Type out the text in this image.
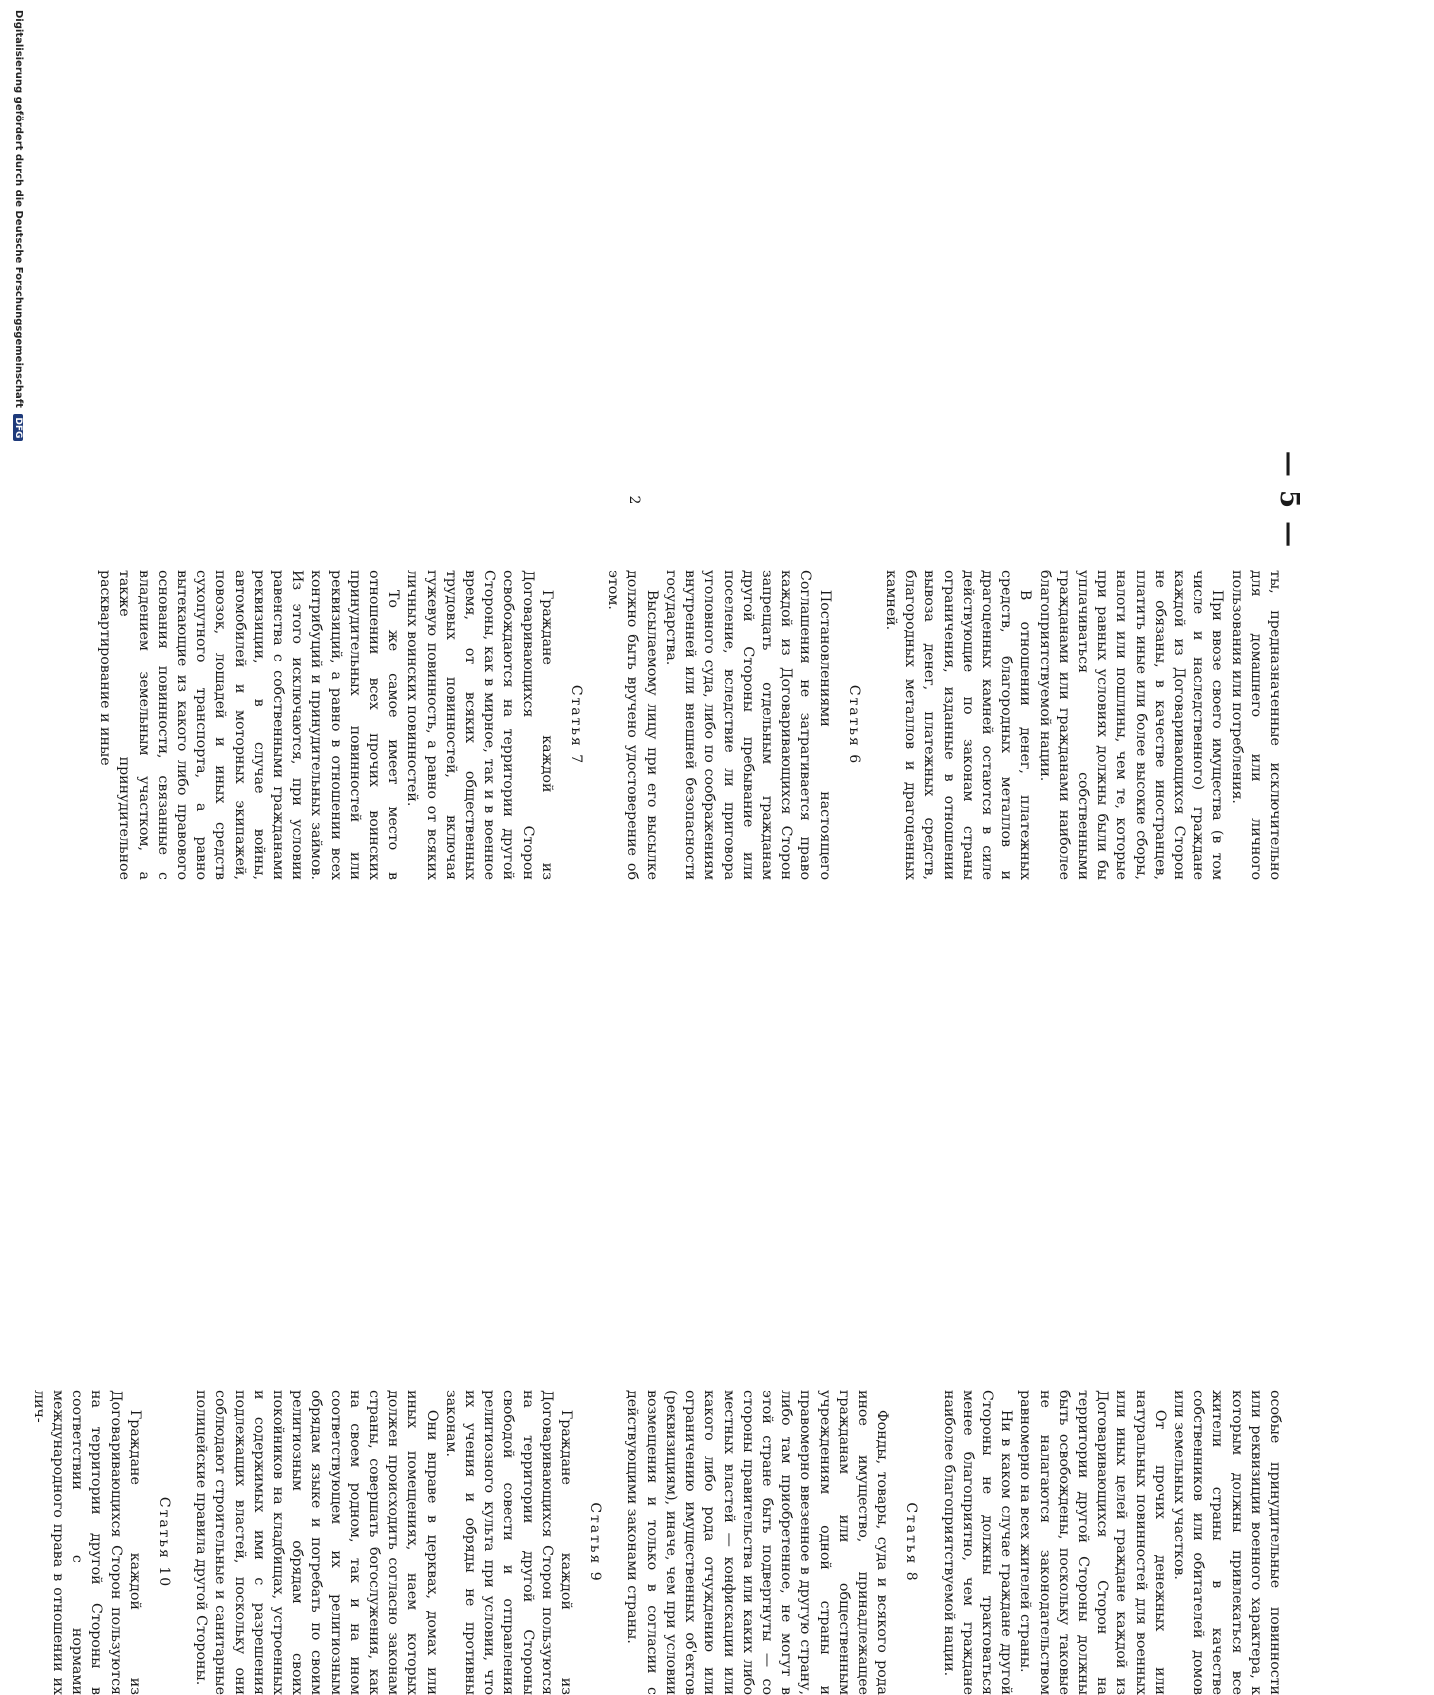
— 5 —
2

ты, предназначенные исключительно для домашнего или личного пользования или потребления.

При ввозе своего имущества (в том числе и наследственного) граждане каждой из Договаривающихся Сторон не обязаны, в качестве иностранцев, платить иные или более высокие сборы, налоги или пошлины, чем те, которые при равных условиях должны были бы уплачиваться собственными гражданами или гражданами наиболее благоприятствуемой нации.

В отношении денег, платежных средств, благородных металлов и драгоценных камней остаются в силе действующие по законам страны ограничения, изданные в отношении вывоза денег, платежных средств, благородных металлов и драгоценных камней.

Статья 6

Постановлениями настоящего Соглашения не затрагивается право каждой из Договаривающихся Сторон запрещать отдельным гражданам другой Стороны пребывание или поселение, вследствие ли приговора уголовного суда, либо по соображениям внутренней или внешней безопасности государства.

Высылаемому лицу при его высылке должно быть вручено удостоверение об этом.

Статья 7

Граждане каждой из Договаривающихся Сторон освобождаются на территории другой Стороны, как в мирное, так и в военное время, от всяких общественных трудовых повинностей, включая гужевую повинность, а равно от всяких личных воинских повинностей.

То же самое имеет место в отношении всех прочих воинских принудительных повинностей или реквизиций, а равно в отношении всех контрибуций и принудительных займов. Из этого исключаются, при условии равенства с собственными гражданами реквизиции, в случае войны, автомобилей и моторных экипажей, повозок, лошадей и иных средств сухопутного транспорта, а равно вытекающие из какого либо правового основания повинности, связанные с владением земельным участком, а также принудительное расквартирование и иные

особые принудительные повинности или реквизиции военного характера, к которым должны привлекаться все жители страны в качестве собственников или обитателей домов или земельных участков.

От прочих денежных или натуральных повинностей для военных или иных целей граждане каждой из Договаривающихся Сторон на территории другой Стороны должны быть освобождены, поскольку таковые не налагаются законодательством равномерно на всех жителей страны.

Ни в каком случае граждане другой Стороны не должны трактоваться менее благоприятно, чем граждане наиболее благоприятствуемой нации.

Статья 8

Фонды, товары, суда и всякого рода иное имущество, принадлежащее гражданам или общественным учреждениям одной страны и правомерно ввезенное в другую страну, либо там приобретенное, не могут в этой стране быть подвергнуты — со стороны правительства или каких либо местных властей — конфискации или какого либо рода отчуждению или ограничению имущественных об'ектов (реквизициям), иначе, чем при условии возмещения и только в согласии с действующими законами страны.

Статья 9

Граждане каждой из Договаривающихся Сторон пользуются на территории другой Стороны свободой совести и отправления религиозного культа при условии, что их учения и обряды не противны законам.

Они вправе в церквах, домах или иных помещениях, наем которых должен происходить согласно законам страны, совершать богослужения, как на своем родном, так и на ином соответствующем их религиозным обрядам языке и погребать по своим религиозным обрядам своих покойников на кладбищах, устроенных и содержимых ими с разрешения подлежащих властей, поскольку они соблюдают строительные и санитарные полицейские правила другой Стороны.

Статья 10

Граждане каждой из Договаривающихся Сторон пользуются на территории другой Стороны в соответствии с нормами международного права в отношении их лич-

Digitalisierung gefördert durch die Deutsche Forschungsgemeinschaft DFG
